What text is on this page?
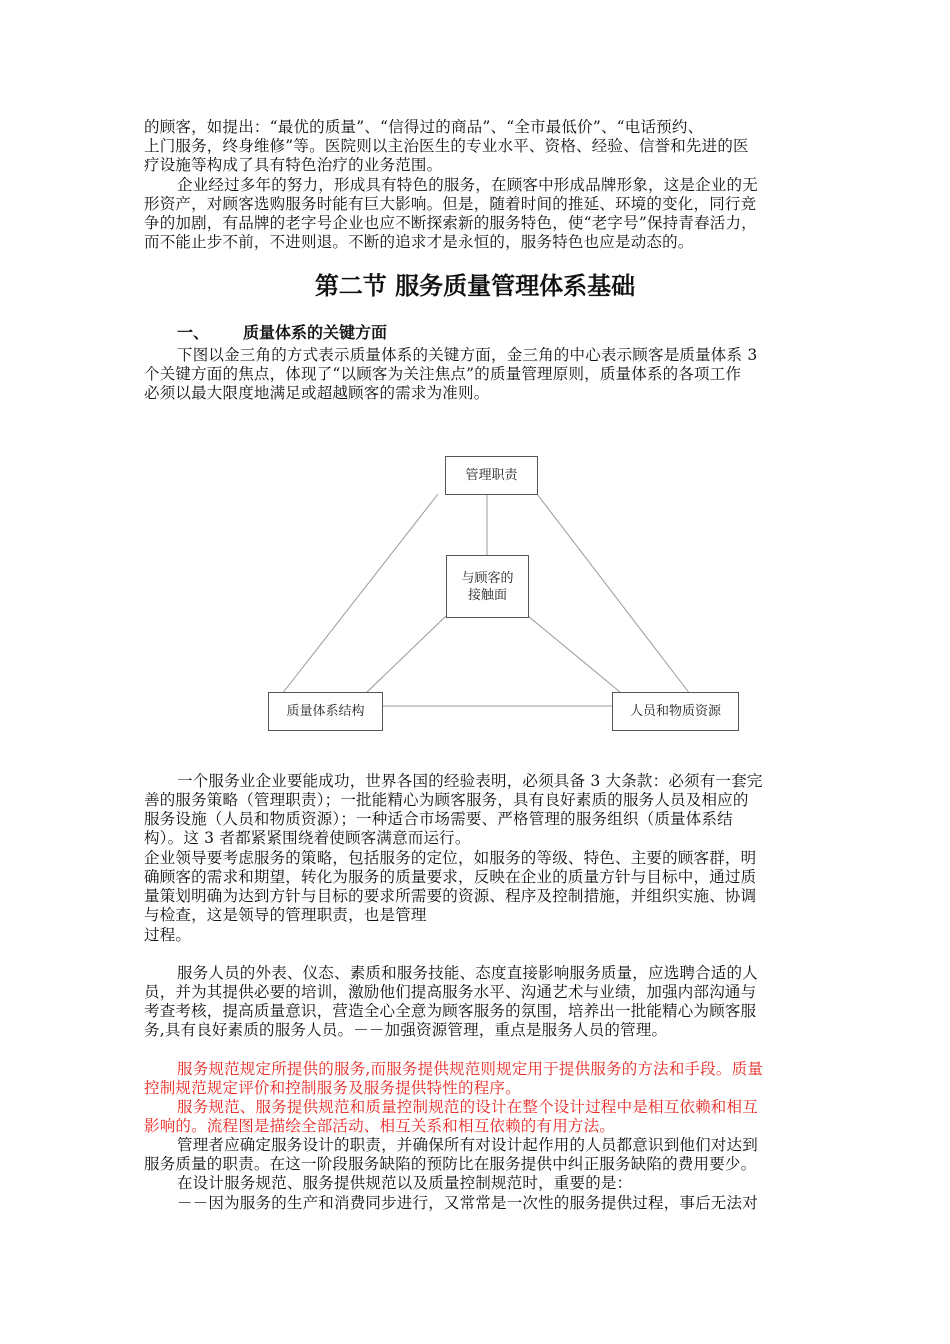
的顾客，如提出：“最优的质量”、“信得过的商品”、“全市最低价”、“电话预约、
上门服务，终身维修”等。医院则以主治医生的专业水平、资格、经验、信誉和先进的医
疗设施等构成了具有特色治疗的业务范围。
企业经过多年的努力，形成具有特色的服务，在顾客中形成品牌形象，这是企业的无
形资产，对顾客选购服务时能有巨大影响。但是，随着时间的推延、环境的变化，同行竞
争的加剧，有品牌的老字号企业也应不断探索新的服务特色，使“老字号”保持青春活力，
而不能止步不前，不进则退。不断的追求才是永恒的，服务特色也应是动态的。
第二节 服务质量管理体系基础
一、 质量体系的关键方面
下图以金三角的方式表示质量体系的关键方面，金三角的中心表示顾客是质量体系 3
个关键方面的焦点，体现了“以顾客为关注焦点”的质量管理原则，质量体系的各项工作
必须以最大限度地满足或超越顾客的需求为准则。
管理职责
与顾客的
接触面
质量体系结构	人员和物质资源
一个服务业企业要能成功，世界各国的经验表明，必须具备 3 大条款：必须有一套完
善的服务策略（管理职责）；一批能精心为顾客服务，具有良好素质的服务人员及相应的
服务设施（人员和物质资源）；一种适合市场需要、严格管理的服务组织（质量体系结
构）。这 3 者都紧紧围绕着使顾客满意而运行。
企业领导要考虑服务的策略，包括服务的定位，如服务的等级、特色、主要的顾客群，明
确顾客的需求和期望，转化为服务的质量要求，反映在企业的质量方针与目标中，通过质
量策划明确为达到方针与目标的要求所需要的资源、程序及控制措施，并组织实施、协调
与检查，这是领导的管理职责，也是管理
过程。
服务人员的外表、仪态、素质和服务技能、态度直接影响服务质量，应选聘合适的人
员，并为其提供必要的培训，激励他们提高服务水平、沟通艺术与业绩，加强内部沟通与
考查考核，提高质量意识，营造全心全意为顾客服务的氛围，培养出一批能精心为顾客服
务,具有良好素质的服务人员。－－加强资源管理，重点是服务人员的管理。
服务规范规定所提供的服务,而服务提供规范则规定用于提供服务的方法和手段。质量
控制规范规定评价和控制服务及服务提供特性的程序。
服务规范、服务提供规范和质量控制规范的设计在整个设计过程中是相互依赖和相互
影响的。流程图是描绘全部活动、相互关系和相互依赖的有用方法。
管理者应确定服务设计的职责，并确保所有对设计起作用的人员都意识到他们对达到
服务质量的职责。在这一阶段服务缺陷的预防比在服务提供中纠正服务缺陷的费用要少。
在设计服务规范、服务提供规范以及质量控制规范时，重要的是：
－－因为服务的生产和消费同步进行，又常常是一次性的服务提供过程，事后无法对
